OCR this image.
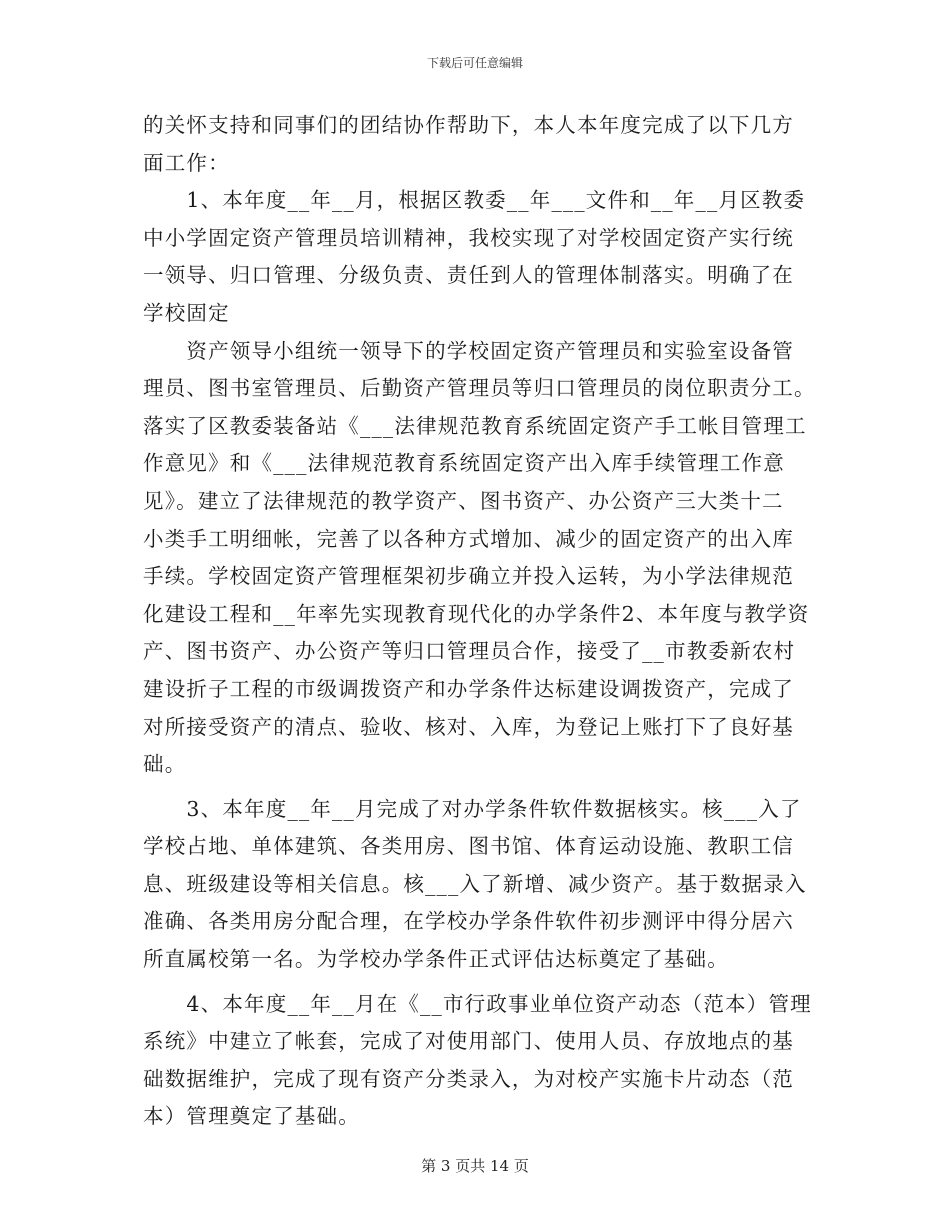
下载后可任意编辑
的关怀支持和同事们的团结协作帮助下，本人本年度完成了以下几方
面工作：
　　1、本年度__年__月，根据区教委__年___文件和__年__月区教委
中小学固定资产管理员培训精神，我校实现了对学校固定资产实行统
一领导、归口管理、分级负责、责任到人的管理体制落实。明确了在
学校固定
　　资产领导小组统一领导下的学校固定资产管理员和实验室设备管
理员、图书室管理员、后勤资产管理员等归口管理员的岗位职责分工。
落实了区教委装备站《___法律规范教育系统固定资产手工帐目管理工
作意见》和《___法律规范教育系统固定资产出入库手续管理工作意
见》。建立了法律规范的教学资产、图书资产、办公资产三大类十二
小类手工明细帐，完善了以各种方式增加、减少的固定资产的出入库
手续。学校固定资产管理框架初步确立并投入运转，为小学法律规范
化建设工程和__年率先实现教育现代化的办学条件2、本年度与教学资
产、图书资产、办公资产等归口管理员合作，接受了__市教委新农村
建设折子工程的市级调拨资产和办学条件达标建设调拨资产，完成了
对所接受资产的清点、验收、核对、入库，为登记上账打下了良好基
础。
　　3、本年度__年__月完成了对办学条件软件数据核实。核___入了
学校占地、单体建筑、各类用房、图书馆、体育运动设施、教职工信
息、班级建设等相关信息。核___入了新增、减少资产。基于数据录入
准确、各类用房分配合理，在学校办学条件软件初步测评中得分居六
所直属校第一名。为学校办学条件正式评估达标奠定了基础。
　　4、本年度__年__月在《__市行政事业单位资产动态（范本）管理
系统》中建立了帐套，完成了对使用部门、使用人员、存放地点的基
础数据维护，完成了现有资产分类录入，为对校产实施卡片动态（范
本）管理奠定了基础。
第 3 页共 14 页
